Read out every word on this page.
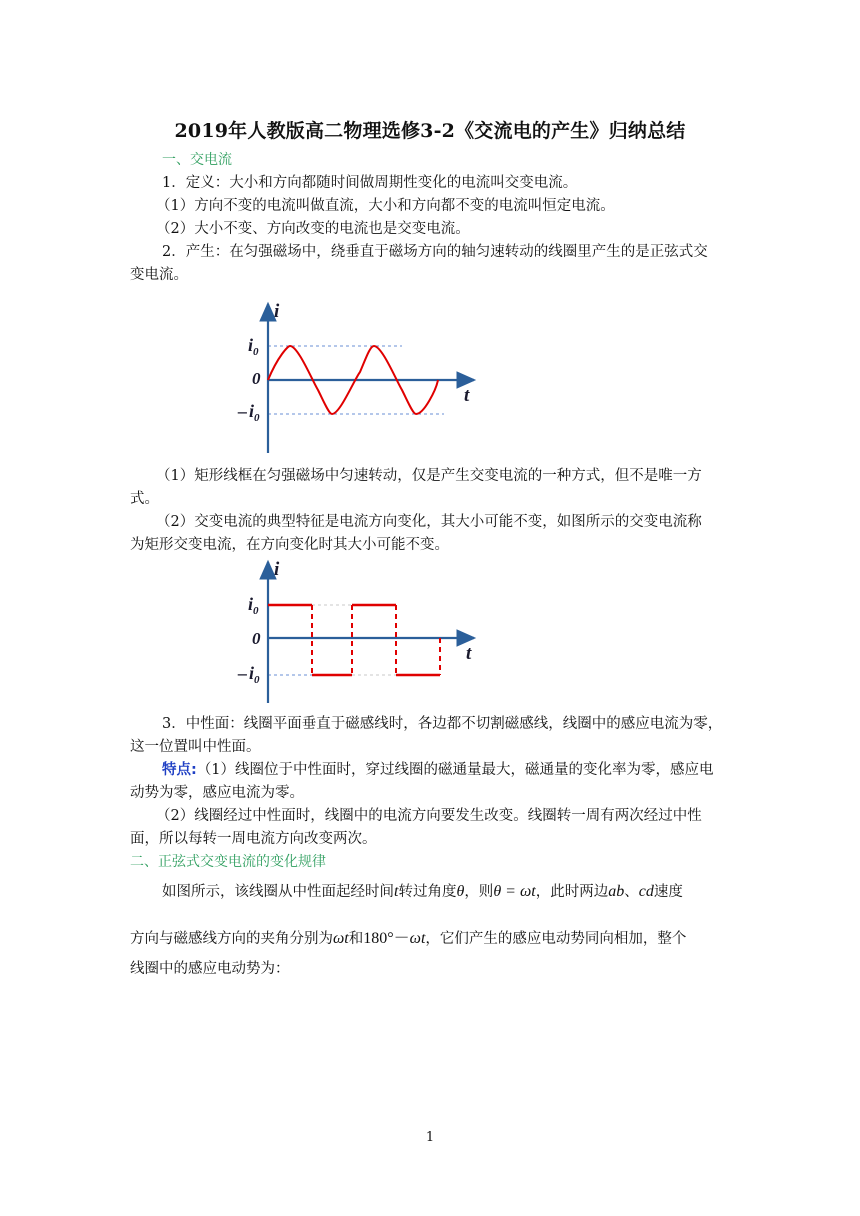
2019年人教版高二物理选修3-2《交流电的产生》归纳总结
一、交电流
1．定义：大小和方向都随时间做周期性变化的电流叫交变电流。
（1）方向不变的电流叫做直流，大小和方向都不变的电流叫恒定电流。
（2）大小不变、方向改变的电流也是交变电流。
2．产生：在匀强磁场中，绕垂直于磁场方向的轴匀速转动的线圈里产生的是正弦式交
变电流。
i
t
$i_0$
0
– $i_0$
（1）矩形线框在匀强磁场中匀速转动，仅是产生交变电流的一种方式，但不是唯一方
式。
（2）交变电流的典型特征是电流方向变化，其大小可能不变，如图所示的交变电流称
为矩形交变电流，在方向变化时其大小可能不变。
i
t
$i_0$
0
– $i_0$
3．中性面：线圈平面垂直于磁感线时，各边都不切割磁感线，线圈中的感应电流为零，
这一位置叫中性面。
特点:（1）线圈位于中性面时，穿过线圈的磁通量最大，磁通量的变化率为零，感应电
动势为零，感应电流为零。
（2）线圈经过中性面时，线圈中的电流方向要发生改变。线圈转一周有两次经过中性
面，所以每转一周电流方向改变两次。
二、正弦式交变电流的变化规律
如图所示，该线圈从中性面起经时间t转过角度θ，则θ = ωt，此时两边ab、cd速度
方向与磁感线方向的夹角分别为ωt和180°－ωt，它们产生的感应电动势同向相加，整个
线圈中的感应电动势为：
1
